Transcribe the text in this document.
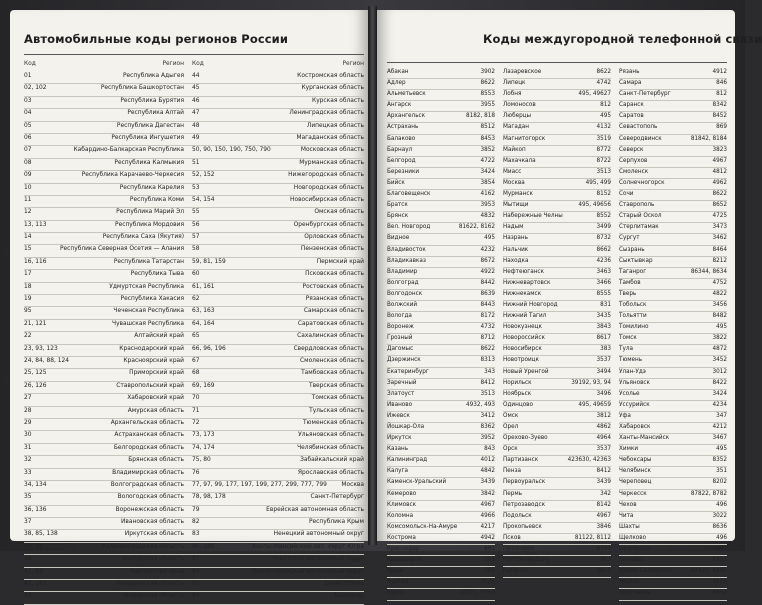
Автомобильные коды регионов России
Код	Регион Код	Регион
01	Республика Адыгея 44	Костромская область
02, 102	Республика Башкортостан 45	Курганская область
03	Республика Бурятия 46	Курская область
04	Республика Алтай 47	Ленинградская область
05	Республика Дагестан 48	Липецкая область
06	Республика Ингушетия 49	Магаданская область
07	Кабардино-Балкарская Республика 50, 90, 150, 190, 750, 790	Московская область
08	Республика Калмыкия 51	Мурманская область
09	Республика Карачаево-Черкесия 52, 152	Нижегородская область
10	Республика Карелия 53	Новгородская область
11	Республика Коми 54, 154	Новосибирская область
12	Республика Марий Эл 55	Омская область
13, 113	Республика Мордовия 56	Оренбургская область
14	Республика Саха (Якутия) 57	Орловская область
15	Республика Северная Осетия — Алания 58	Пензенская область
16, 116	Республика Татарстан 59, 81, 159	Пермский край
17	Республика Тыва 60	Псковская область
18	Удмуртская Республика 61, 161	Ростовская область
19	Республика Хакасия 62	Рязанская область
95	Чеченская Республика 63, 163	Самарская область
21, 121	Чувашская Республика 64, 164	Саратовская область
22	Алтайский край 65	Сахалинская область
23, 93, 123	Краснодарский край 66, 96, 196	Свердловская область
24, 84, 88, 124	Красноярский край 67	Смоленская область
25, 125	Приморский край 68	Тамбовская область
26, 126	Ставропольский край 69, 169	Тверская область
27	Хабаровский край 70	Томская область
28	Амурская область 71	Тульская область
29	Архангельская область 72	Тюменская область
30	Астраханская область 73, 173	Ульяновская область
31	Белгородская область 74, 174	Челябинская область
32	Брянская область 75, 80	Забайкальский край
33	Владимирская область 76	Ярославская область
34, 134	Волгоградская область 77, 97, 99, 177, 197, 199, 277, 299, 777, 799	Москва
35	Вологодская область 78, 98, 178	Санкт-Петербург
36, 136	Воронежская область 79	Еврейская автономная область
37	Ивановская область 82	Республика Крым
38, 85, 138	Иркутская область 83	Ненецкий автономный округ
39, 91	Калининградская область 86, 186	Ханты-Мансийский авт. округ Югра
40	Калужская область 87	Чукотский автономный округ
41, 82	Камчатский край 89	Ямало-Ненецкий автономный округ
42, 142	Кемеровская область 92	Севастополь
43	Кировская область 94	Байконур
Коды междугородной телефонной связи
Абакан	3902
Адлер	8622
Альметьевск	8553
Ангарск	3955
Архангельск	8182, 818
Астрахань	8512
Балаково	8453
Барнаул	3852
Белгород	4722
Березники	3424
Бийск	3854
Благовещенск	4162
Братск	3953
Брянск	4832
Вел. Новгород	81622, 8162
Видное	495
Владивосток	4232
Владикавказ	8672
Владимир	4922
Волгоград	8442
Волгодонск	8639
Волжский	8443
Вологда	8172
Воронеж	4732
Грозный	8712
Дагомыс	8622
Дзержинск	8313
Екатеринбург	343
Заречный	8412
Златоуст	3513
Иваново	4932, 493
Ижевск	3412
Йошкар-Ола	8362
Иркутск	3952
Казань	843
Калининград	4012
Калуга	4842
Каменск-Уральский	3439
Кемерово	3842
Климовск	4967
Коломна	4966
Комсомольск-На-Амуре	4217
Кострома	4942
Краснодар	861
Красноярск	391
Крым	365
Курган	3522
Курск	47122, 4712
Лазаревское	8622
Липецк	4742
Лобня	495, 49627
Ломоносов	812
Люберцы	495
Магадан	4132
Магнитогорск	3519
Майкоп	8772
Махачкала	8722
Миасс	3513
Москва	495, 499
Мурманск	8152
Мытищи	495, 49656
Набережные Челны	8552
Надым	3499
Назрань	8732
Нальчик	8662
Находка	4236
Нефтеюганск	3463
Нижневартовск	3466
Нижнекамск	8555
Нижний Новгород	831
Нижний Тагил	3435
Новокузнецк	3843
Новороссийск	8617
Новосибирск	383
Новотроицк	3537
Новый Уренгой	3494
Норильск	39192, 93, 94
Ноябрьск	3496
Одинцово	495, 49659
Омск	3812
Орел	4862
Орехово-Зуево	4964
Орск	3537
Партизанск	423630, 42363
Пенза	8412
Первоуральск	3439
Пермь	342
Петрозаводск	8142
Подольск	4967
Прокопьевск	3846
Псков	81122, 8112
Пятигорск	8793
Ростов-На-Дону	863
Рыбинск	4855
Рязань	4912
Самара	846
Санкт-Петербург	812
Саранск	8342
Саратов	8452
Севастополь	869
Северодвинск	81842, 8184
Северск	3823
Серпухов	4967
Смоленск	4812
Солнечногорск	4962
Сочи	8622
Ставрополь	8652
Старый Оскол	4725
Стерлитамак	3473
Сургут	3462
Сызрань	8464
Сыктывкар	8212
Таганрог	86344, 8634
Тамбов	4752
Тверь	4822
Тобольск	3456
Тольятти	8482
Томилино	495
Томск	3822
Тула	4872
Тюмень	3452
Улан-Удэ	3012
Ульяновск	8422
Усолье	3424
Уссурийск	4234
Уфа	347
Хабаровск	4212
Ханты-Мансийск	3467
Химки	495
Чебоксары	8352
Челябинск	351
Череповец	8202
Черкесск	87822, 8782
Чехов	496
Чита	3022
Шахты	8636
Щелково	496
Щербинка	4967
Энгельс	8453
Южно-Сахалинск	42422, 4242
Якутск	4112
Ярославль	4852
